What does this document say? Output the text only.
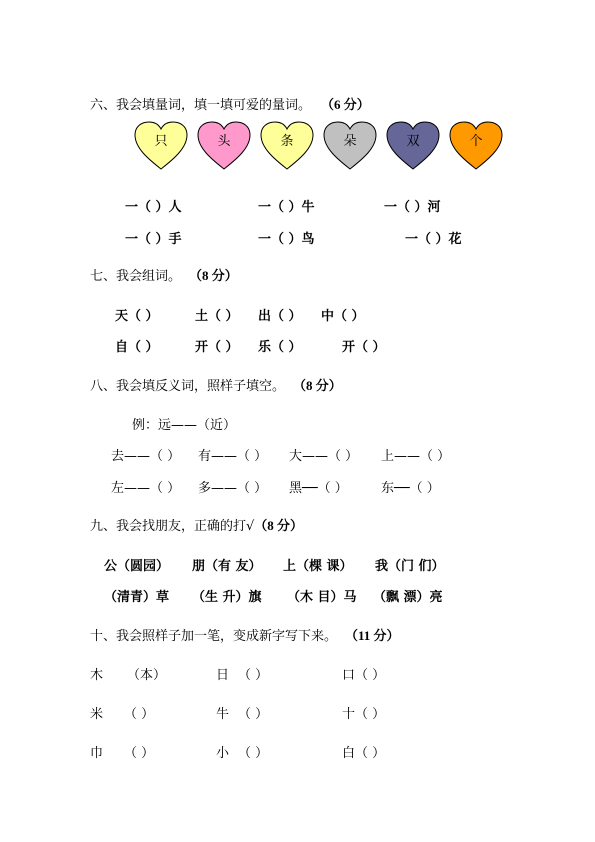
六、我会填量词，填一填可爱的量词。 （6 分）
只	头	条	朵	双	个
一（ ）人	一（ ）牛	一（ ）河
一（ ）手	一（ ）鸟	一（ ）花
七、我会组词。 （8 分）
天（ ）	土（ ） 出（ ） 中（ ）
自（ ）	开（ ） 乐（ ）	开（ ）
八、我会填反义词，照样子填空。 （8 分）
例：远——（近）
去——（ ） 有——（ ） 大——（ ） 上——（ ）
左——（ ） 多——（ ） 黑──（ ）	东──（ ）
九、我会找朋友，正确的打√（8 分）
公（圆园） 朋（有 友） 上（棵 课） 我（门 们）
（清青）草 （生 升）旗 （木 目）马 （飘 漂）亮
十、我会照样子加一笔，变成新字写下来。 （11 分）
木 （本）	日 （ ）	口（ ）
米 （ ）	牛 （ ）	十（ ）
巾 （ ）	小 （ ）	白（ ）
